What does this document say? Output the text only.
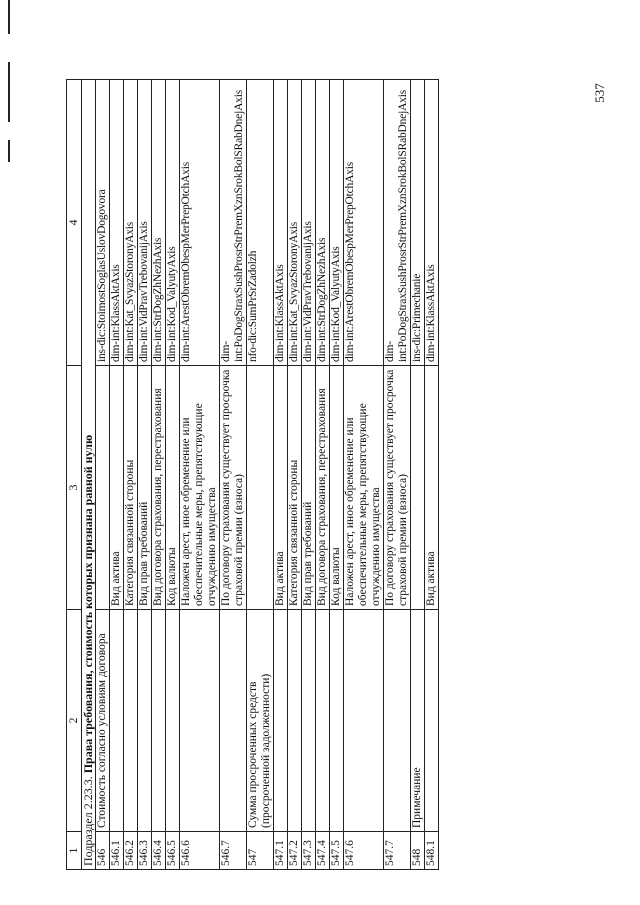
537
1	2	3	4
Подраздел 2.23.3. Права требования, стоимость которых признана равной нулю			
546	Стоимость согласно условиям договора		ins-dic:StoimostSoglasUslovDogovora
546.1		Вид актива	dim-int:KlassAktAxis
546.2		Категория связанной стороны	dim-int:Kat_SvyazStoronyAxis
546.3		Вид прав требований	dim-int:VidPravTrebovanijAxis
546.4		Вид договора страхования, перестрахования	dim-int:StrDogZhNezhAxis
546.5		Код валюты	dim-int:Kod_ValyutyAxis
546.6		Наложен арест, иное обременение или обеспечительные меры, препятствующие отчуждению имущества	dim-int:ArestObremObespMerPrepOtchAxis
546.7		По договору страхования существует просрочка страховой премии (взноса)	dim-int:PoDogStraxSushProsrStrPremXznSrokBolSRabDnejAxis
547	Сумма просроченных средств (просроченной задолженности)		nfo-dic:SumPrSrZadolzh
547.1		Вид актива	dim-int:KlassAktAxis
547.2		Категория связанной стороны	dim-int:Kat_SvyazStoronyAxis
547.3		Вид прав требований	dim-int:VidPravTrebovanijAxis
547.4		Вид договора страхования, перестрахования	dim-int:StrDogZhNezhAxis
547.5		Код валюты	dim-int:Kod_ValyutyAxis
547.6		Наложен арест, иное обременение или обеспечительные меры, препятствующие отчуждению имущества	dim-int:ArestObremObespMerPrepOtchAxis
547.7		По договору страхования существует просрочка страховой премии (взноса)	dim-int:PoDogStraxSushProsrStrPremXznSrokBolSRabDnejAxis
548	Примечание		ins-dic:Primechanie
548.1		Вид актива	dim-int:KlassAktAxis
